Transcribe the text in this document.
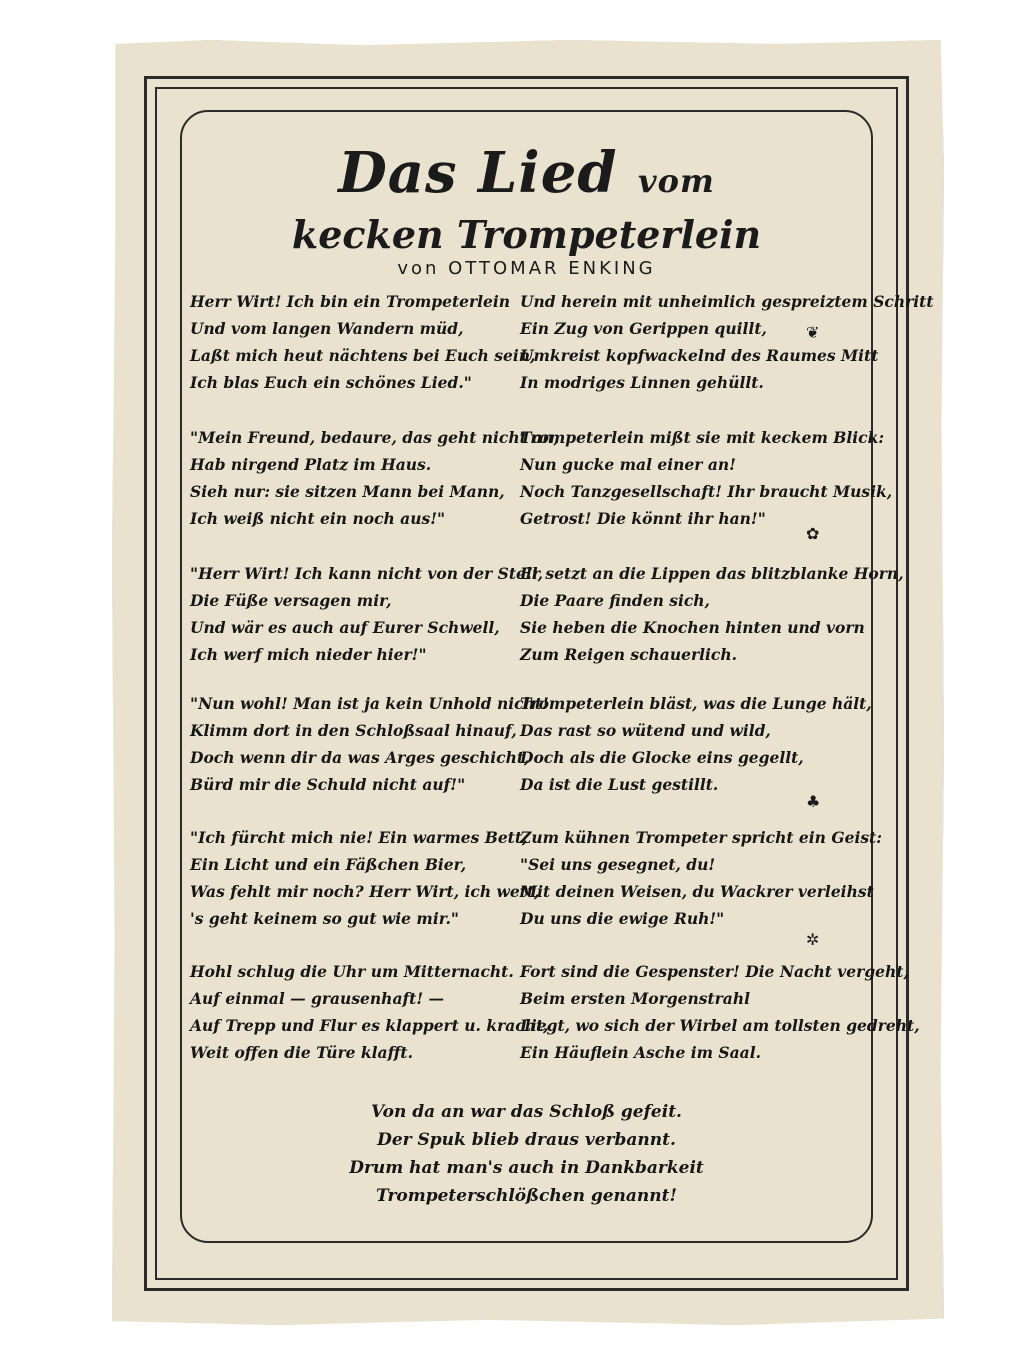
Das Lied vom
kecken Trompeterlein
von OTTOMAR ENKING
Herr Wirt! Ich bin ein Trompeterlein
Und vom langen Wandern müd,
Laßt mich heut nächtens bei Euch sein,
Ich blas Euch ein schönes Lied."
"Mein Freund, bedaure, das geht nicht an,
Hab nirgend Platz im Haus.
Sieh nur: sie sitzen Mann bei Mann,
Ich weiß nicht ein noch aus!"
"Herr Wirt! Ich kann nicht von der Stell,
Die Füße versagen mir,
Und wär es auch auf Eurer Schwell,
Ich werf mich nieder hier!"
"Nun wohl! Man ist ja kein Unhold nicht!
Klimm dort in den Schloßsaal hinauf,
Doch wenn dir da was Arges geschicht,
Bürd mir die Schuld nicht auf!"
"Ich fürcht mich nie! Ein warmes Bett,
Ein Licht und ein Fäßchen Bier,
Was fehlt mir noch? Herr Wirt, ich wett,
's geht keinem so gut wie mir."
Hohl schlug die Uhr um Mitternacht.
Auf einmal — grausenhaft! —
Auf Trepp und Flur es klappert u. kracht,
Weit offen die Türe klafft.
Und herein mit unheimlich gespreiztem Schritt
Ein Zug von Gerippen quillt,
Umkreist kopfwackelnd des Raumes Mitt
In modriges Linnen gehüllt.
Trompeterlein mißt sie mit keckem Blick:
Nun gucke mal einer an!
Noch Tanzgesellschaft! Ihr braucht Musik,
Getrost! Die könnt ihr han!"
Er setzt an die Lippen das blitzblanke Horn,
Die Paare finden sich,
Sie heben die Knochen hinten und vorn
Zum Reigen schauerlich.
Trompeterlein bläst, was die Lunge hält,
Das rast so wütend und wild,
Doch als die Glocke eins gegellt,
Da ist die Lust gestillt.
Zum kühnen Trompeter spricht ein Geist:
"Sei uns gesegnet, du!
Mit deinen Weisen, du Wackrer verleihst
Du uns die ewige Ruh!"
Fort sind die Gespenster! Die Nacht vergeht,
Beim ersten Morgenstrahl
Liegt, wo sich der Wirbel am tollsten gedreht,
Ein Häuflein Asche im Saal.
❦
✿
♣
✲
Von da an war das Schloß gefeit.
Der Spuk blieb draus verbannt.
Drum hat man's auch in Dankbarkeit
Trompeterschlößchen genannt!
